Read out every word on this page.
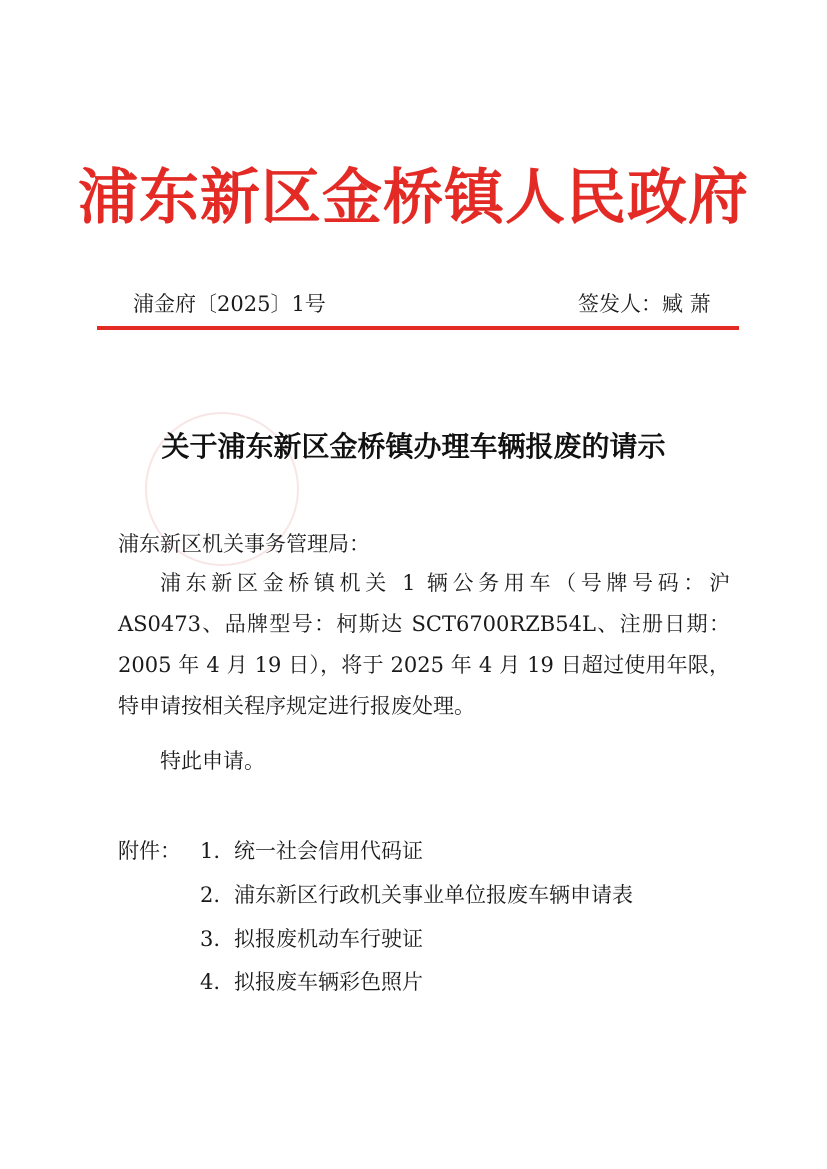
浦东新区金桥镇人民政府
浦金府〔2025〕1号	签发人：臧 萧
关于浦东新区金桥镇办理车辆报废的请示
浦东新区机关事务管理局：
浦东新区金桥镇机关 1 辆公务用车（号牌号码：沪 AS0473、品牌型号：柯斯达 SCT6700RZB54L、注册日期：2005 年 4 月 19 日），将于 2025 年 4 月 19 日超过使用年限，特申请按相关程序规定进行报废处理。
特此申请。
附件： 1. 统一社会信用代码证
2. 浦东新区行政机关事业单位报废车辆申请表
3. 拟报废机动车行驶证
4. 拟报废车辆彩色照片
